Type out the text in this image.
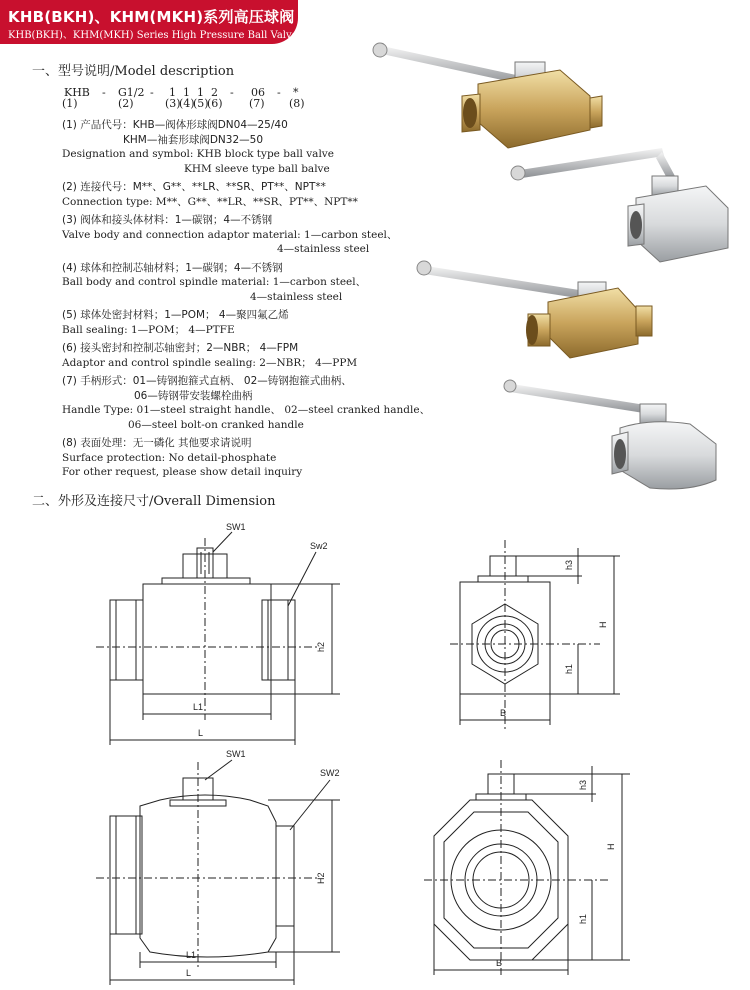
KHB(BKH)、KHM(MKH)系列高压球阀
KHB(BKH)、KHM(MKH) Series High Pressure Ball Valve
一、型号说明/Model description
KHB - G1/2 - 1 1 1 2 - 06 - *
(1)	(2)	(3)
(4)
(5)
(6) (7) (8)
(1) 产品代号：KHB—阀体形球阀DN04—25/40
KHM—袖套形球阀DN32—50
Designation and symbol: KHB block type ball valve
KHM sleeve type ball balve
(2) 连接代号：M**、G**、**LR、**SR、PT**、NPT**
Connection type: M**、G**、**LR、**SR、PT**、NPT**
(3) 阀体和接头体材料：1—碳钢；4—不锈钢
Valve body and connection adaptor material: 1—carbon steel、
4—stainless steel
(4) 球体和控制芯轴材料；1—碳钢；4—不锈钢
Ball body and control spindle material: 1—carbon steel、
4—stainless steel
(5) 球体处密封材料；1—POM； 4—聚四氟乙烯
Ball sealing: 1—POM； 4—PTFE
(6) 接头密封和控制芯轴密封；2—NBR； 4—FPM
Adaptor and control spindle sealing: 2—NBR； 4—PPM
(7) 手柄形式：01—铸钢抱箍式直柄、 02—铸钢抱箍式曲柄、
06—铸钢带安装螺栓曲柄
Handle Type: 01—steel straight handle、 02—steel cranked handle、
06—steel bolt-on cranked handle
(8) 表面处理：无一磷化 其他要求请说明
Surface protection: No detail-phosphate
For other request, please show detail inquiry
二、外形及连接尺寸/Overall Dimension
SW1
Sw2
L1
L
h2
B
h3
H
h1
SW1
SW2
L1
L
H2
B
h3
H
h1
